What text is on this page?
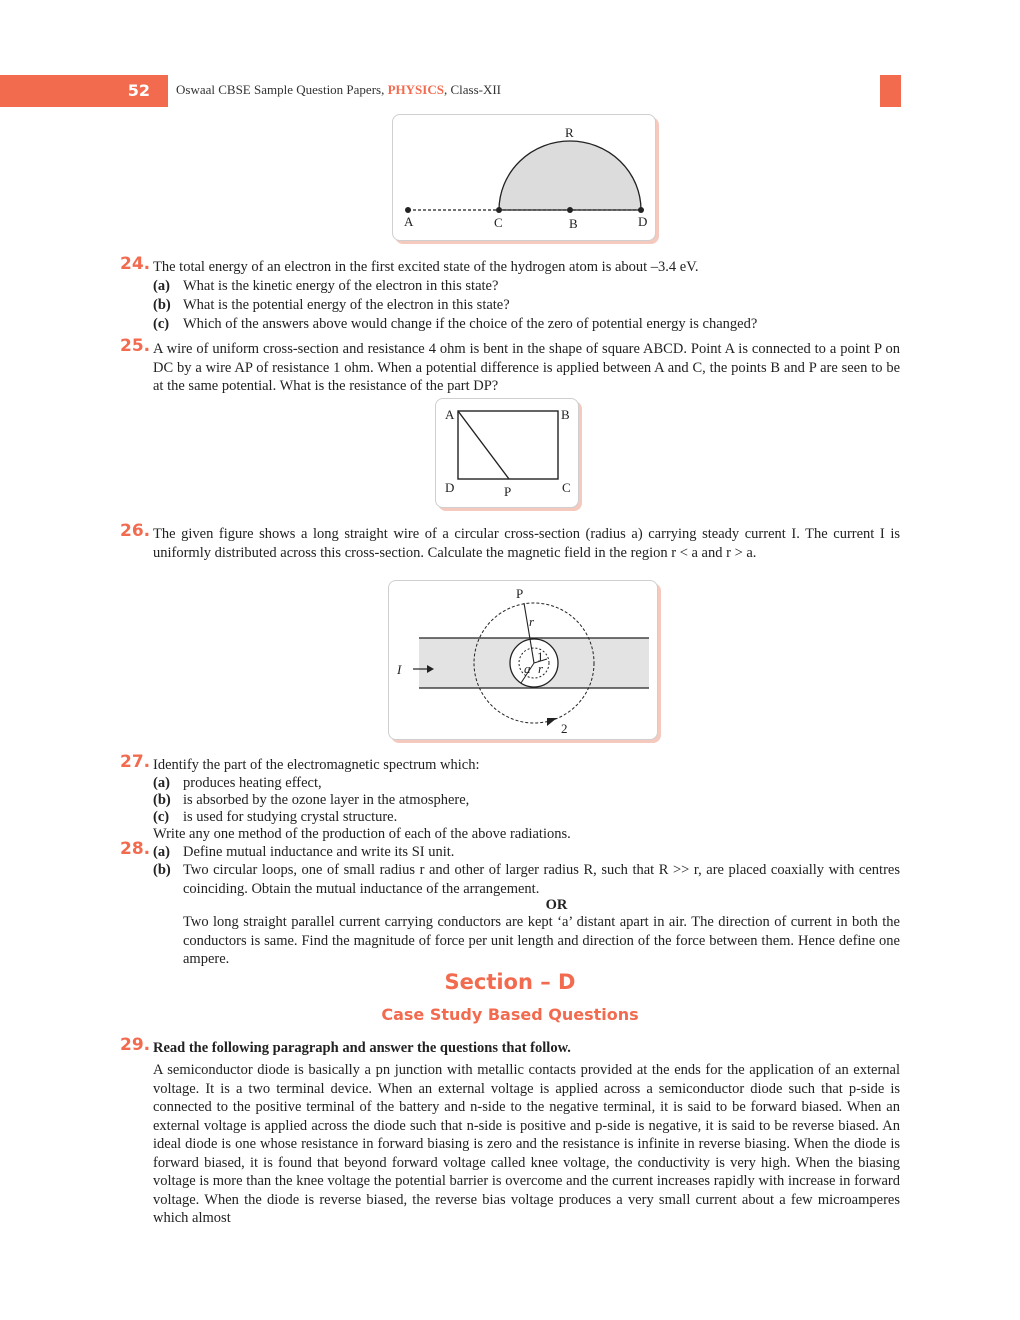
52 Oswaal CBSE Sample Question Papers, PHYSICS, Class-XII
R
A	C	B	D
24. The total energy of an electron in the first excited state of the hydrogen atom is about –3.4 eV.
(a) What is the kinetic energy of the electron in this state?
(b) What is the potential energy of the electron in this state?
(c) Which of the answers above would change if the choice of the zero of potential energy is changed?
25. A wire of uniform cross-section and resistance 4 ohm is bent in the shape of square ABCD. Point A is connected to a point P on DC by a wire AP of resistance 1 ohm. When a potential difference is applied between A and C, the points B and P are seen to be at the same potential. What is the resistance of the part DP?
A	B
C
D	P
26. The given figure shows a long straight wire of a circular cross-section (radius a) carrying steady current I. The current I is uniformly distributed across this cross-section. Calculate the magnetic field in the region r < a and r > a.
P
r
I
1
a r
2
27. Identify the part of the electromagnetic spectrum which:
(a) produces heating effect,
(b) is absorbed by the ozone layer in the atmosphere,
(c) is used for studying crystal structure.
Write any one method of the production of each of the above radiations.
28. (a) Define mutual inductance and write its SI unit.
(b) Two circular loops, one of small radius r and other of larger radius R, such that R >> r, are placed coaxially with centres coinciding. Obtain the mutual inductance of the arrangement.
OR
Two long straight parallel current carrying conductors are kept ‘a’ distant apart in air. The direction of current in both the conductors is same. Find the magnitude of force per unit length and direction of the force between them. Hence define one ampere.
Section – D
Case Study Based Questions
29. Read the following paragraph and answer the questions that follow.
A semiconductor diode is basically a pn junction with metallic contacts provided at the ends for the application of an external voltage. It is a two terminal device. When an external voltage is applied across a semiconductor diode such that p-side is connected to the positive terminal of the battery and n-side to the negative terminal, it is said to be forward biased. When an external voltage is applied across the diode such that n-side is positive and p-side is negative, it is said to be reverse biased. An ideal diode is one whose resistance in forward biasing is zero and the resistance is infinite in reverse biasing. When the diode is forward biased, it is found that beyond forward voltage called knee voltage, the conductivity is very high. When the biasing voltage is more than the knee voltage the potential barrier is overcome and the current increases rapidly with increase in forward voltage. When the diode is reverse biased, the reverse bias voltage produces a very small current about a few microamperes which almost
